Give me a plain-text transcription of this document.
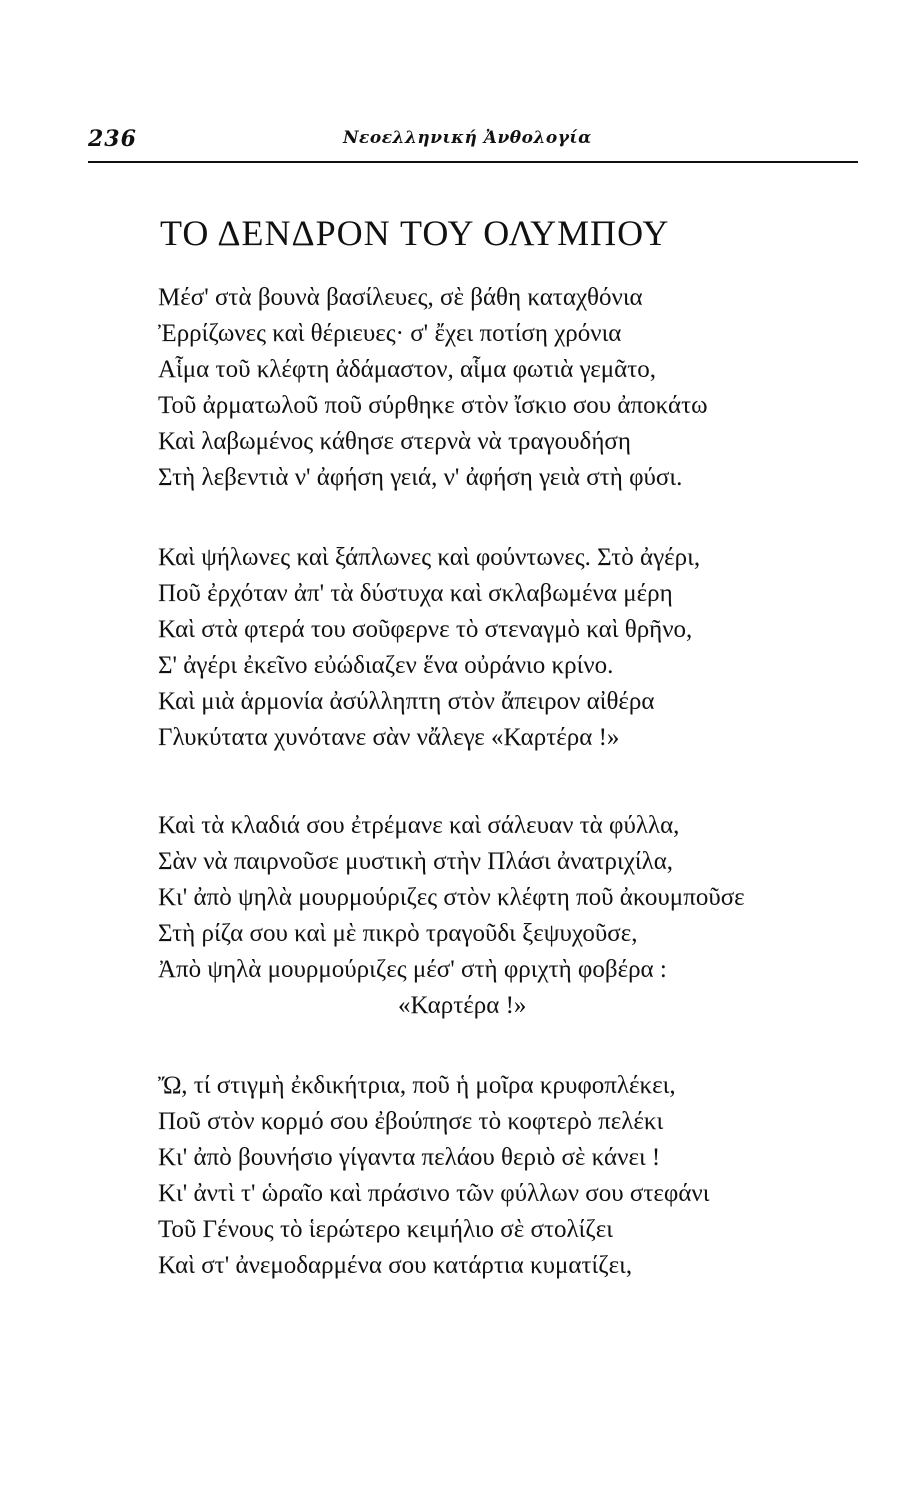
236	Νεοελληνική Ἀνθολογία
ΤΟ ΔΕΝΔΡΟΝ ΤΟΥ ΟΛΥΜΠΟΥ
Μέσ' στὰ βουνὰ βασίλευες, σὲ βάθη καταχθόνια
Ἐρρίζωνες καὶ θέριευες· σ' ἔχει ποτίση χρόνια
Αἷμα τοῦ κλέφτη ἀδάμαστον, αἷμα φωτιὰ γεμᾶτο,
Τοῦ ἀρματωλοῦ ποῦ σύρθηκε στὸν ἴσκιο σου ἀποκάτω
Καὶ λαβωμένος κάθησε στερνὰ νὰ τραγουδήση
Στὴ λεβεντιὰ ν' ἀφήση γειά, ν' ἀφήση γειὰ στὴ φύσι.
Καὶ ψήλωνες καὶ ξάπλωνες καὶ φούντωνες. Στὸ ἀγέρι,
Ποῦ ἐρχόταν ἀπ' τὰ δύστυχα καὶ σκλαβωμένα μέρη
Καὶ στὰ φτερά του σοῦφερνε τὸ στεναγμὸ καὶ θρῆνο,
Σ' ἀγέρι ἐκεῖνο εὐώδιαζεν ἕνα οὐράνιο κρίνο.
Καὶ μιὰ ἁρμονία ἀσύλληπτη στὸν ἄπειρον αἰθέρα
Γλυκύτατα χυνότανε σὰν νἄλεγε «Καρτέρα !»
Καὶ τὰ κλαδιά σου ἐτρέμανε καὶ σάλευαν τὰ φύλλα,
Σὰν νὰ παιρνοῦσε μυστικὴ στὴν Πλάσι ἀνατριχίλα,
Κι' ἀπὸ ψηλὰ μουρμούριζες στὸν κλέφτη ποῦ ἀκουμποῦσε
Στὴ ρίζα σου καὶ μὲ πικρὸ τραγοῦδι ξεψυχοῦσε,
Ἀπὸ ψηλὰ μουρμούριζες μέσ' στὴ φριχτὴ φοβέρα :
«Καρτέρα !»
Ὤ, τί στιγμὴ ἐκδικήτρια, ποῦ ἡ μοῖρα κρυφοπλέκει,
Ποῦ στὸν κορμό σου ἐβούπησε τὸ κοφτερὸ πελέκι
Κι' ἀπὸ βουνήσιο γίγαντα πελάου θεριὸ σὲ κάνει !
Κι' ἀντὶ τ' ὡραῖο καὶ πράσινο τῶν φύλλων σου στεφάνι
Τοῦ Γένους τὸ ἱερώτερο κειμήλιο σὲ στολίζει
Καὶ στ' ἀνεμοδαρμένα σου κατάρτια κυματίζει,
